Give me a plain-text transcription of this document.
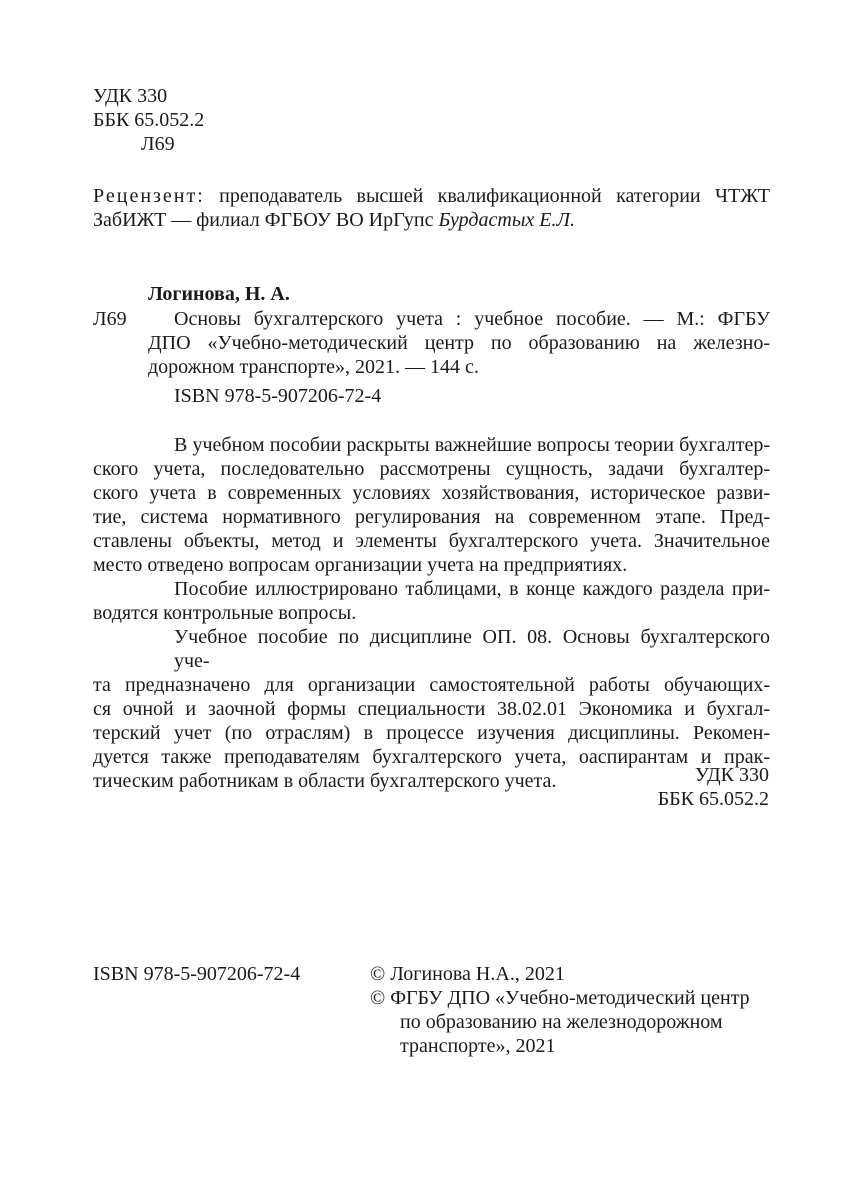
УДК 330
ББК 65.052.2
Л69
Рецензент: преподаватель высшей квалификационной категории ЧТЖТ
ЗабИЖТ — филиал ФГБОУ ВО ИрГупс Бурдастых Е.Л.
Логинова, Н. А.
Л69	Основы бухгалтерского учета : учебное пособие. — М.: ФГБУ
ДПО «Учебно-методический центр по образованию на железно-
дорожном транспорте», 2021. — 144 с.
ISBN 978-5-907206-72-4
В учебном пособии раскрыты важнейшие вопросы теории бухгалтер-
ского учета, последовательно рассмотрены сущность, задачи бухгалтер-
ского учета в современных условиях хозяйствования, историческое разви-
тие, система нормативного регулирования на современном этапе. Пред-
ставлены объекты, метод и элементы бухгалтерского учета. Значительное
место отведено вопросам организации учета на предприятиях.
Пособие иллюстрировано таблицами, в конце каждого раздела при-
водятся контрольные вопросы.
Учебное пособие по дисциплине ОП. 08. Основы бухгалтерского уче-
та предназначено для организации самостоятельной работы обучающих-
ся очной и заочной формы специальности 38.02.01 Экономика и бухгал-
терский учет (по отраслям) в процессе изучения дисциплины. Рекомен-
дуется также преподавателям бухгалтерского учета, оаспирантам и прак-
тическим работникам в области бухгалтерского учета.	УДК 330
ББК 65.052.2
ISBN 978-5-907206-72-4	© Логинова Н.А., 2021
© ФГБУ ДПО «Учебно-методический центр
по образованию на железнодорожном
транспорте», 2021
